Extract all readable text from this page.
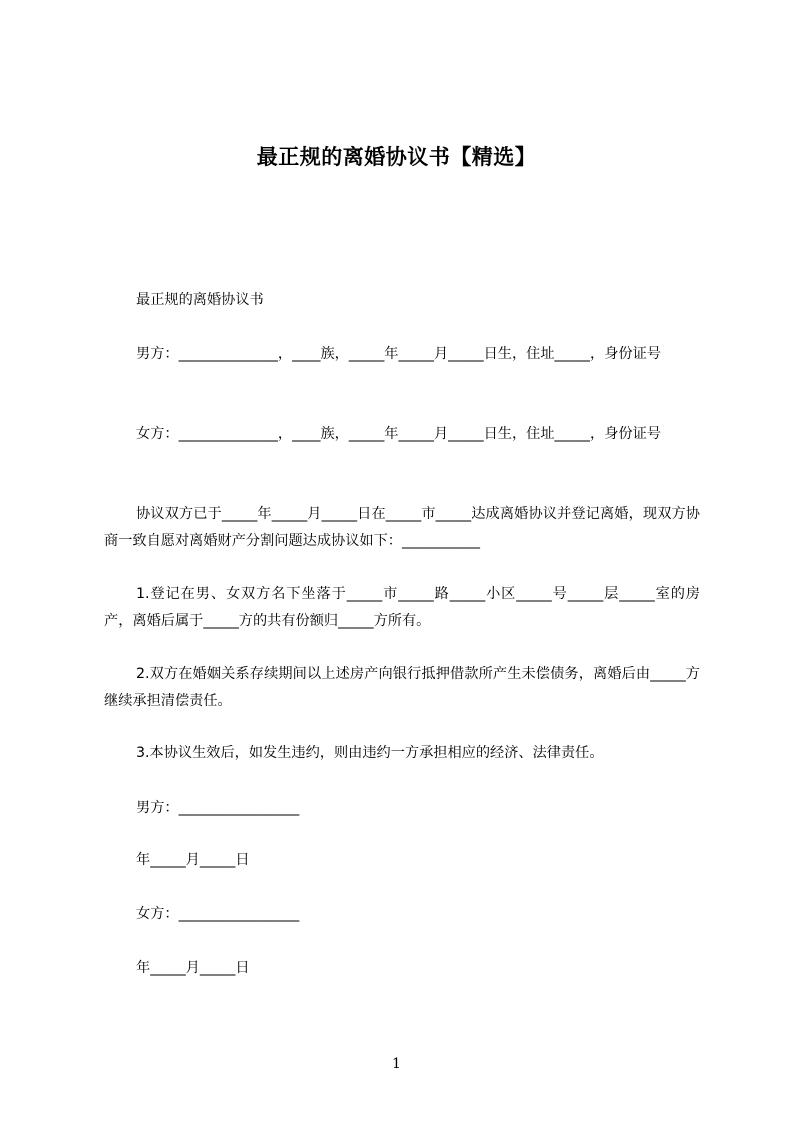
最正规的离婚协议书【精选】

最正规的离婚协议书

男方：______________，____族，_____年_____月_____日生，住址_____，身份证号

女方：______________，____族，_____年_____月_____日生，住址_____，身份证号

协议双方已于_____年_____月_____日在_____市_____达成离婚协议并登记离婚，现双方协商一致自愿对离婚财产分割问题达成协议如下：___________

1.登记在男、女双方名下坐落于_____市_____路_____小区_____号_____层_____室的房产，离婚后属于_____方的共有份额归_____方所有。

2.双方在婚姻关系存续期间以上述房产向银行抵押借款所产生未偿债务，离婚后由_____方继续承担清偿责任。

3.本协议生效后，如发生违约，则由违约一方承担相应的经济、法律责任。

男方：_________________

年_____月_____日

女方：_________________

年_____月_____日

1
